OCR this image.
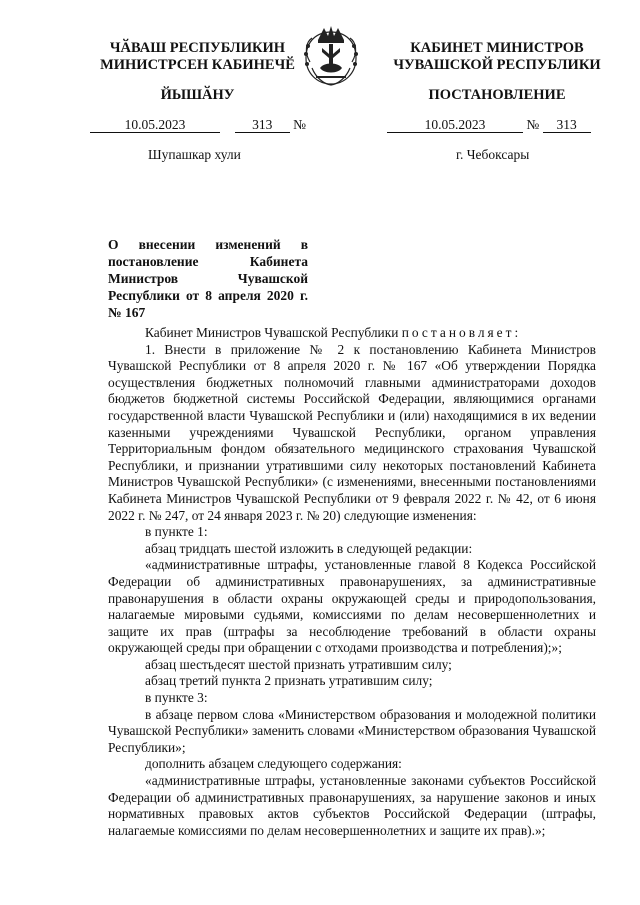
ЧӐВАШ РЕСПУБЛИКИН
МИНИСТРСЕН КАБИНЕЧӖ
КАБИНЕТ МИНИСТРОВ
ЧУВАШСКОЙ РЕСПУБЛИКИ
ЙЫШӐНУ	ПОСТАНОВЛЕНИЕ
10.05.2023	313 №	10.05.2023	№ 313
Шупашкар хули	г. Чебоксары
О внесении изменений в постановление Кабинета Министров Чувашской Республики от 8 апреля 2020 г. № 167

Кабинет Министров Чувашской Республики постановляет:

1. Внести в приложение № 2 к постановлению Кабинета Министров Чувашской Республики от 8 апреля 2020 г. № 167 «Об утверждении Порядка осуществления бюджетных полномочий главными администраторами доходов бюджетов бюджетной системы Российской Федерации, являющимися органами государственной власти Чувашской Республики и (или) находящимися в их ведении казенными учреждениями Чувашской Республики, органом управления Территориальным фондом обязательного медицинского страхования Чувашской Республики, и признании утратившими силу некоторых постановлений Кабинета Министров Чувашской Республики» (с изменениями, внесенными постановлениями Кабинета Министров Чувашской Республики от 9 февраля 2022 г. № 42, от 6 июня 2022 г. № 247, от 24 января 2023 г. № 20) следующие изменения:

в пункте 1:

абзац тридцать шестой изложить в следующей редакции:

«административные штрафы, установленные главой 8 Кодекса Российской Федерации об административных правонарушениях, за административные правонарушения в области охраны окружающей среды и природопользования, налагаемые мировыми судьями, комиссиями по делам несовершеннолетних и защите их прав (штрафы за несоблюдение требований в области охраны окружающей среды при обращении с отходами производства и потребления);»;

абзац шестьдесят шестой признать утратившим силу;

абзац третий пункта 2 признать утратившим силу;

в пункте 3:

в абзаце первом слова «Министерством образования и молодежной политики Чувашской Республики» заменить словами «Министерством образования Чувашской Республики»;

дополнить абзацем следующего содержания:

«административные штрафы, установленные законами субъектов Российской Федерации об административных правонарушениях, за нарушение законов и иных нормативных правовых актов субъектов Российской Федерации (штрафы, налагаемые комиссиями по делам несовершеннолетних и защите их прав).»;
